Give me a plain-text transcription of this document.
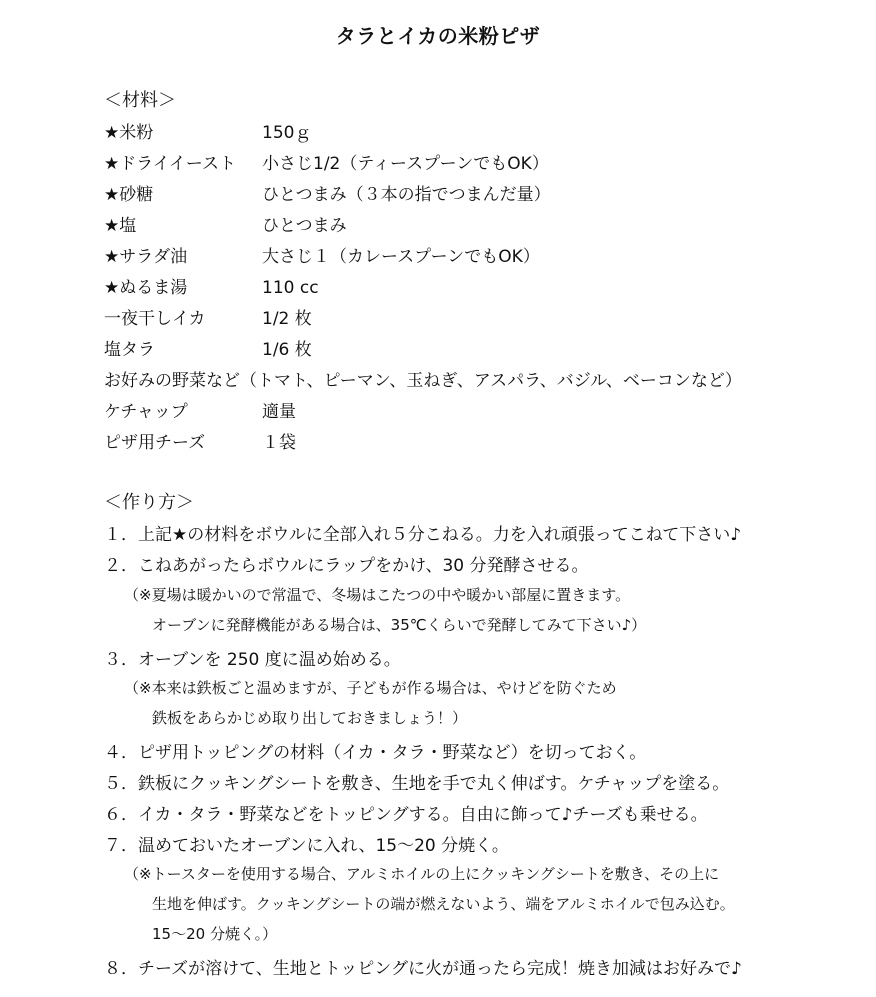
タラとイカの米粉ピザ
＜材料＞
★米粉	150ｇ
★ドライイースト 小さじ1/2（ティースプーンでもOK）
★砂糖	ひとつまみ（３本の指でつまんだ量）
★塩	ひとつまみ
★サラダ油	大さじ１（カレースプーンでもOK）
★ぬるま湯	110 cc
一夜干しイカ	1/2 枚
塩タラ	1/6 枚
お好みの野菜など（トマト、ピーマン、玉ねぎ、アスパラ、バジル、ベーコンなど）
ケチャップ	適量
ピザ用チーズ	１袋
＜作り方＞
１．上記★の材料をボウルに全部入れ５分こねる。力を入れ頑張ってこねて下さい♪
２．こねあがったらボウルにラップをかけ、30 分発酵させる。
（※夏場は暖かいので常温で、冬場はこたつの中や暖かい部屋に置きます。
オーブンに発酵機能がある場合は、35℃くらいで発酵してみて下さい♪）
３．オーブンを 250 度に温め始める。
（※本来は鉄板ごと温めますが、子どもが作る場合は、やけどを防ぐため
鉄板をあらかじめ取り出しておきましょう！）
４．ピザ用トッピングの材料（イカ・タラ・野菜など）を切っておく。
５．鉄板にクッキングシートを敷き、生地を手で丸く伸ばす。ケチャップを塗る。
６．イカ・タラ・野菜などをトッピングする。自由に飾って♪チーズも乗せる。
７．温めておいたオーブンに入れ、15〜20 分焼く。
（※トースターを使用する場合、アルミホイルの上にクッキングシートを敷き、その上に
生地を伸ばす。クッキングシートの端が燃えないよう、端をアルミホイルで包み込む。
15〜20 分焼く。）
８．チーズが溶けて、生地とトッピングに火が通ったら完成！焼き加減はお好みで♪
